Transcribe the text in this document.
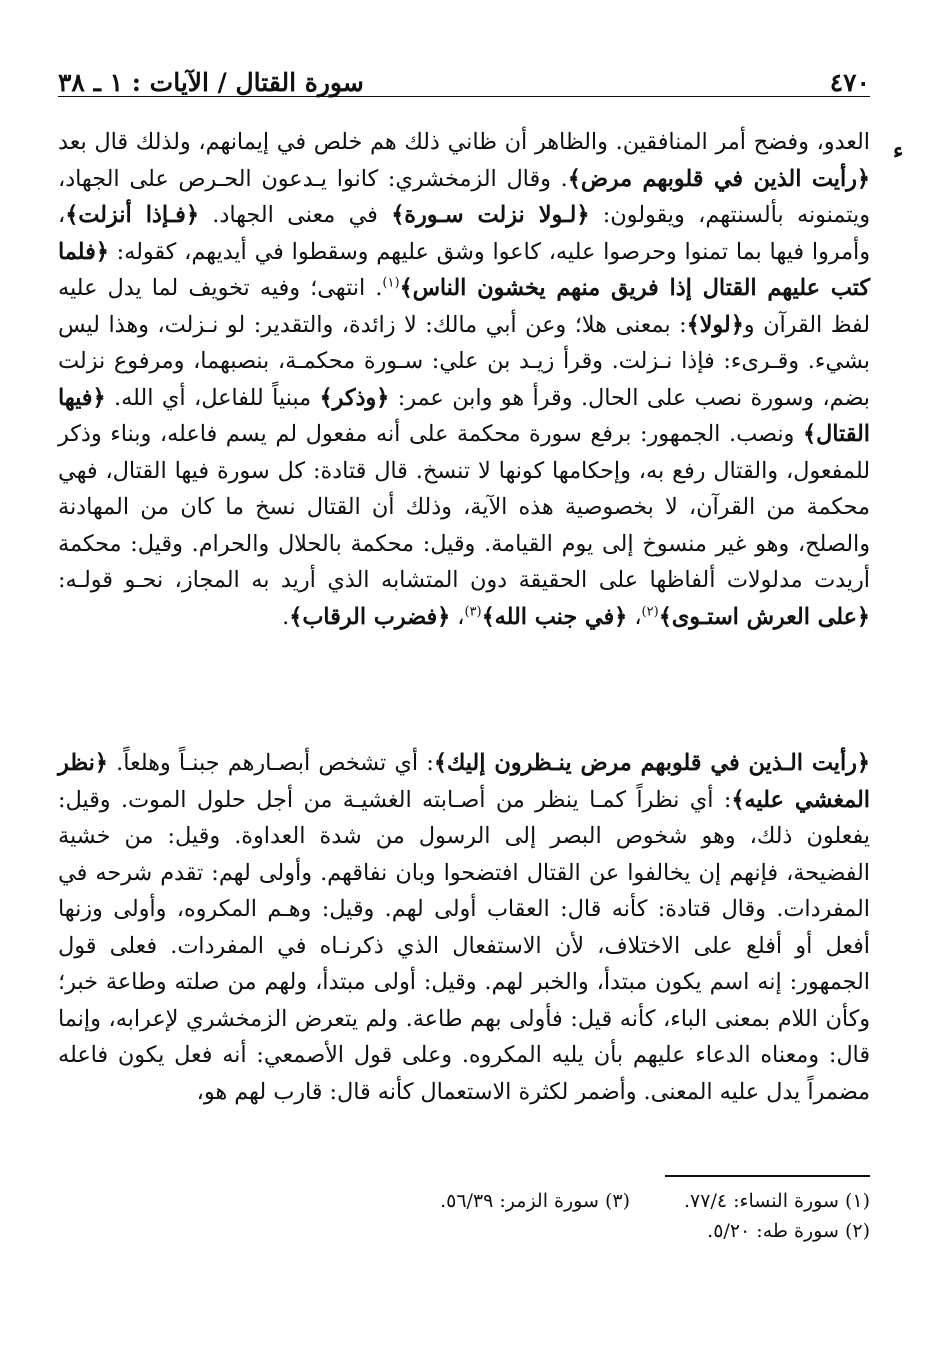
٤٧٠
سورة القتال / الآيات : ١ ـ ٣٨
ء

العدو، وفضح أمر المنافقين. والظاهر أن ظاني ذلك هم خلص في إيمانهم، ولذلك قال بعد ﴿رأيت الذين في قلوبهم مرض﴾. وقال الزمخشري: كانوا يـدعون الحـرص على الجهاد، ويتمنونه بألسنتهم، ويقولون: ﴿لـولا نزلت سـورة﴾ في معنى الجهاد. ﴿فـإذا أنزلت﴾، وأمروا فيها بما تمنوا وحرصوا عليه، كاعوا وشق عليهم وسقطوا في أيديهم، كقوله: ﴿فلما كتب عليهم القتال إذا فريق منهم يخشون الناس﴾$^{(١)}$. انتهى؛ وفيه تخويف لما يدل عليه لفظ القرآن و﴿لولا﴾: بمعنى هلا؛ وعن أبي مالك: لا زائدة، والتقدير: لو نـزلت، وهذا ليس بشيء. وقـرىء: فإذا نـزلت. وقرأ زيـد بن علي: سـورة محكمـة، بنصبهما، ومرفوع نزلت بضم، وسورة نصب على الحال. وقرأ هو وابن عمر: ﴿وذكر﴾ مبنياً للفاعل، أي الله. ﴿فيها القتال﴾ ونصب. الجمهور: برفع سورة محكمة على أنه مفعول لم يسم فاعله، وبناء وذكر للمفعول، والقتال رفع به، وإحكامها كونها لا تنسخ. قال قتادة: كل سورة فيها القتال، فهي محكمة من القرآن، لا بخصوصية هذه الآية، وذلك أن القتال نسخ ما كان من المهادنة والصلح، وهو غير منسوخ إلى يوم القيامة. وقيل: محكمة بالحلال والحرام. وقيل: محكمة أريدت مدلولات ألفاظها على الحقيقة دون المتشابه الذي أريد به المجاز، نحـو قولـه: ﴿على العرش استـوى﴾$^{(٢)}$، ﴿في جنب الله﴾$^{(٣)}$، ﴿فضرب الرقاب﴾.

﴿رأيت الـذين في قلوبهم مرض ينـظرون إليك﴾: أي تشخص أبصـارهم جبنـاً وهلعاً. ﴿نظر المغشي عليه﴾: أي نظراً كمـا ينظر من أصـابته الغشيـة من أجل حلول الموت. وقيل: يفعلون ذلك، وهو شخوص البصر إلى الرسول من شدة العداوة. وقيل: من خشية الفضيحة، فإنهم إن يخالفوا عن القتال افتضحوا وبان نفاقهم. وأولى لهم: تقدم شرحه في المفردات. وقال قتادة: كأنه قال: العقاب أولى لهم. وقيل: وهـم المكروه، وأولى وزنها أفعل أو أفلع على الاختلاف، لأن الاستفعال الذي ذكرنـاه في المفردات. فعلى قول الجمهور: إنه اسم يكون مبتدأ، والخبر لهم. وقيل: أولى مبتدأ، ولهم من صلته وطاعة خبر؛ وكأن اللام بمعنى الباء، كأنه قيل: فأولى بهم طاعة. ولم يتعرض الزمخشري لإعرابه، وإنما قال: ومعناه الدعاء عليهم بأن يليه المكروه. وعلى قول الأصمعي: أنه فعل يكون فاعله مضمراً يدل عليه المعنى. وأضمر لكثرة الاستعمال كأنه قال: قارب لهم هو،

(١) سورة النساء: ٧٧/٤.
(٣) سورة الزمر: ٥٦/٣٩.
(٢) سورة طه: ٥/٢٠.
